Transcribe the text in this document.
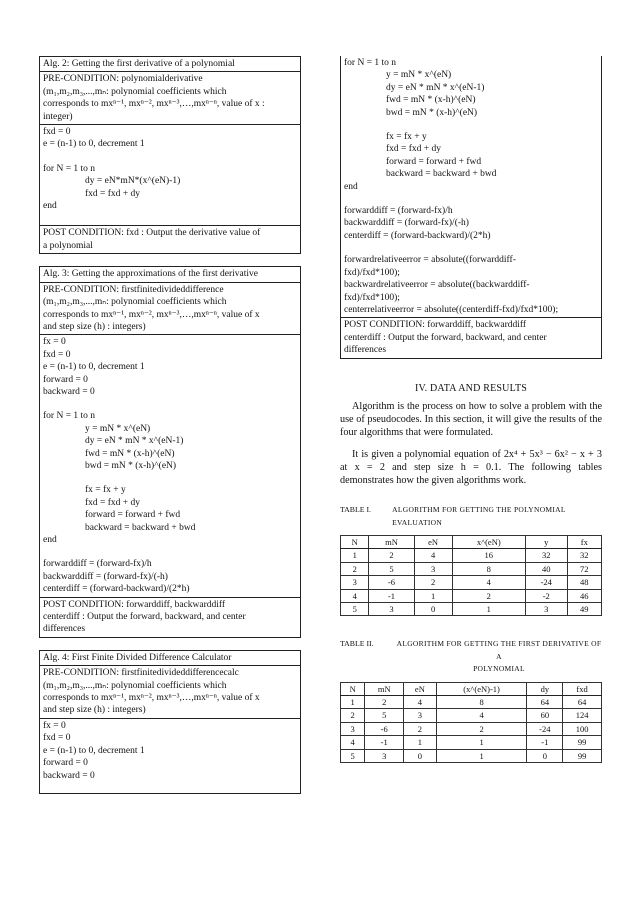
Alg. 2: Getting the first derivative of a polynomial
PRE-CONDITION: polynomialderivative
(m₁,m₂,m₃,...,mₙ: polynomial coefficients which
corresponds to mxⁿ⁻¹, mxⁿ⁻², mxⁿ⁻³,…,mxⁿ⁻ⁿ, value of x :
integer)
fxd = 0
e = (n-1) to 0, decrement 1
for N = 1 to n
dy = eN*mN*(x^(eN)-1)
fxd = fxd + dy
end
POST CONDITION: fxd : Output the derivative value of
a polynomial
Alg. 3: Getting the approximations of the first derivative
PRE-CONDITION: firstfinitedivideddifference
(m₁,m₂,m₃,...,mₙ: polynomial coefficients which
corresponds to mxⁿ⁻¹, mxⁿ⁻², mxⁿ⁻³,…,mxⁿ⁻ⁿ, value of x
and step size (h) : integers)
fx = 0
fxd = 0
e = (n-1) to 0, decrement 1
forward = 0
backward = 0
for N = 1 to n
y = mN * x^(eN)
dy = eN * mN * x^(eN-1)
fwd = mN * (x-h)^(eN)
bwd = mN * (x-h)^(eN)
fx = fx + y
fxd = fxd + dy
forward = forward + fwd
backward = backward + bwd
end
forwarddiff = (forward-fx)/h
backwarddiff = (forward-fx)/(-h)
centerdiff = (forward-backward)/(2*h)
POST CONDITION: forwarddiff, backwarddiff
centerdiff : Output the forward, backward, and center
differences
Alg. 4: First Finite Divided Difference Calculator
PRE-CONDITION: firstfinitedivideddifferencecalc
(m₁,m₂,m₃,...,mₙ: polynomial coefficients which
corresponds to mxⁿ⁻¹, mxⁿ⁻², mxⁿ⁻³,…,mxⁿ⁻ⁿ, value of x
and step size (h) : integers)
fx = 0
fxd = 0
e = (n-1) to 0, decrement 1
forward = 0
backward = 0
for N = 1 to n
y = mN * x^(eN)
dy = eN * mN * x^(eN-1)
fwd = mN * (x-h)^(eN)
bwd = mN * (x-h)^(eN)
fx = fx + y
fxd = fxd + dy
forward = forward + fwd
backward = backward + bwd
end
forwarddiff = (forward-fx)/h
backwarddiff = (forward-fx)/(-h)
centerdiff = (forward-backward)/(2*h)
forwardrelativeerror = absolute((forwarddiff-
fxd)/fxd*100);
backwardrelativeerror = absolute((backwarddiff-
fxd)/fxd*100);
centerrelativeerror = absolute((centerdiff-fxd)/fxd*100);
POST CONDITION: forwarddiff, backwarddiff
centerdiff : Output the forward, backward, and center
differences
IV. DATA AND RESULTS

Algorithm is the process on how to solve a problem with the use of pseudocodes. In this section, it will give the results of the four algorithms that were formulated.

It is given a polynomial equation of 2x⁴ + 5x³ − 6x² − x + 3 at x = 2 and step size h = 0.1. The following tables demonstrates how the given algorithms work.

TABLE I.	ALGORITHM FOR GETTING THE POLYNOMIAL EVALUATION
N	mN	eN	x^(eN)	y	fx
1	2	4	16	32	32
2	5	3	8	40	72
3	-6	2	4	-24	48
4	-1	1	2	-2	46
5	3	0	1	3	49
TABLE II.	ALGORITHM FOR GETTING THE FIRST DERIVATIVE OF A
POLYNOMIAL
N	mN	eN	(x^(eN)-1)	dy	fxd
1	2	4	8	64	64
2	5	3	4	60	124
3	-6	2	2	-24	100
4	-1	1	1	-1	99
5	3	0	1	0	99
